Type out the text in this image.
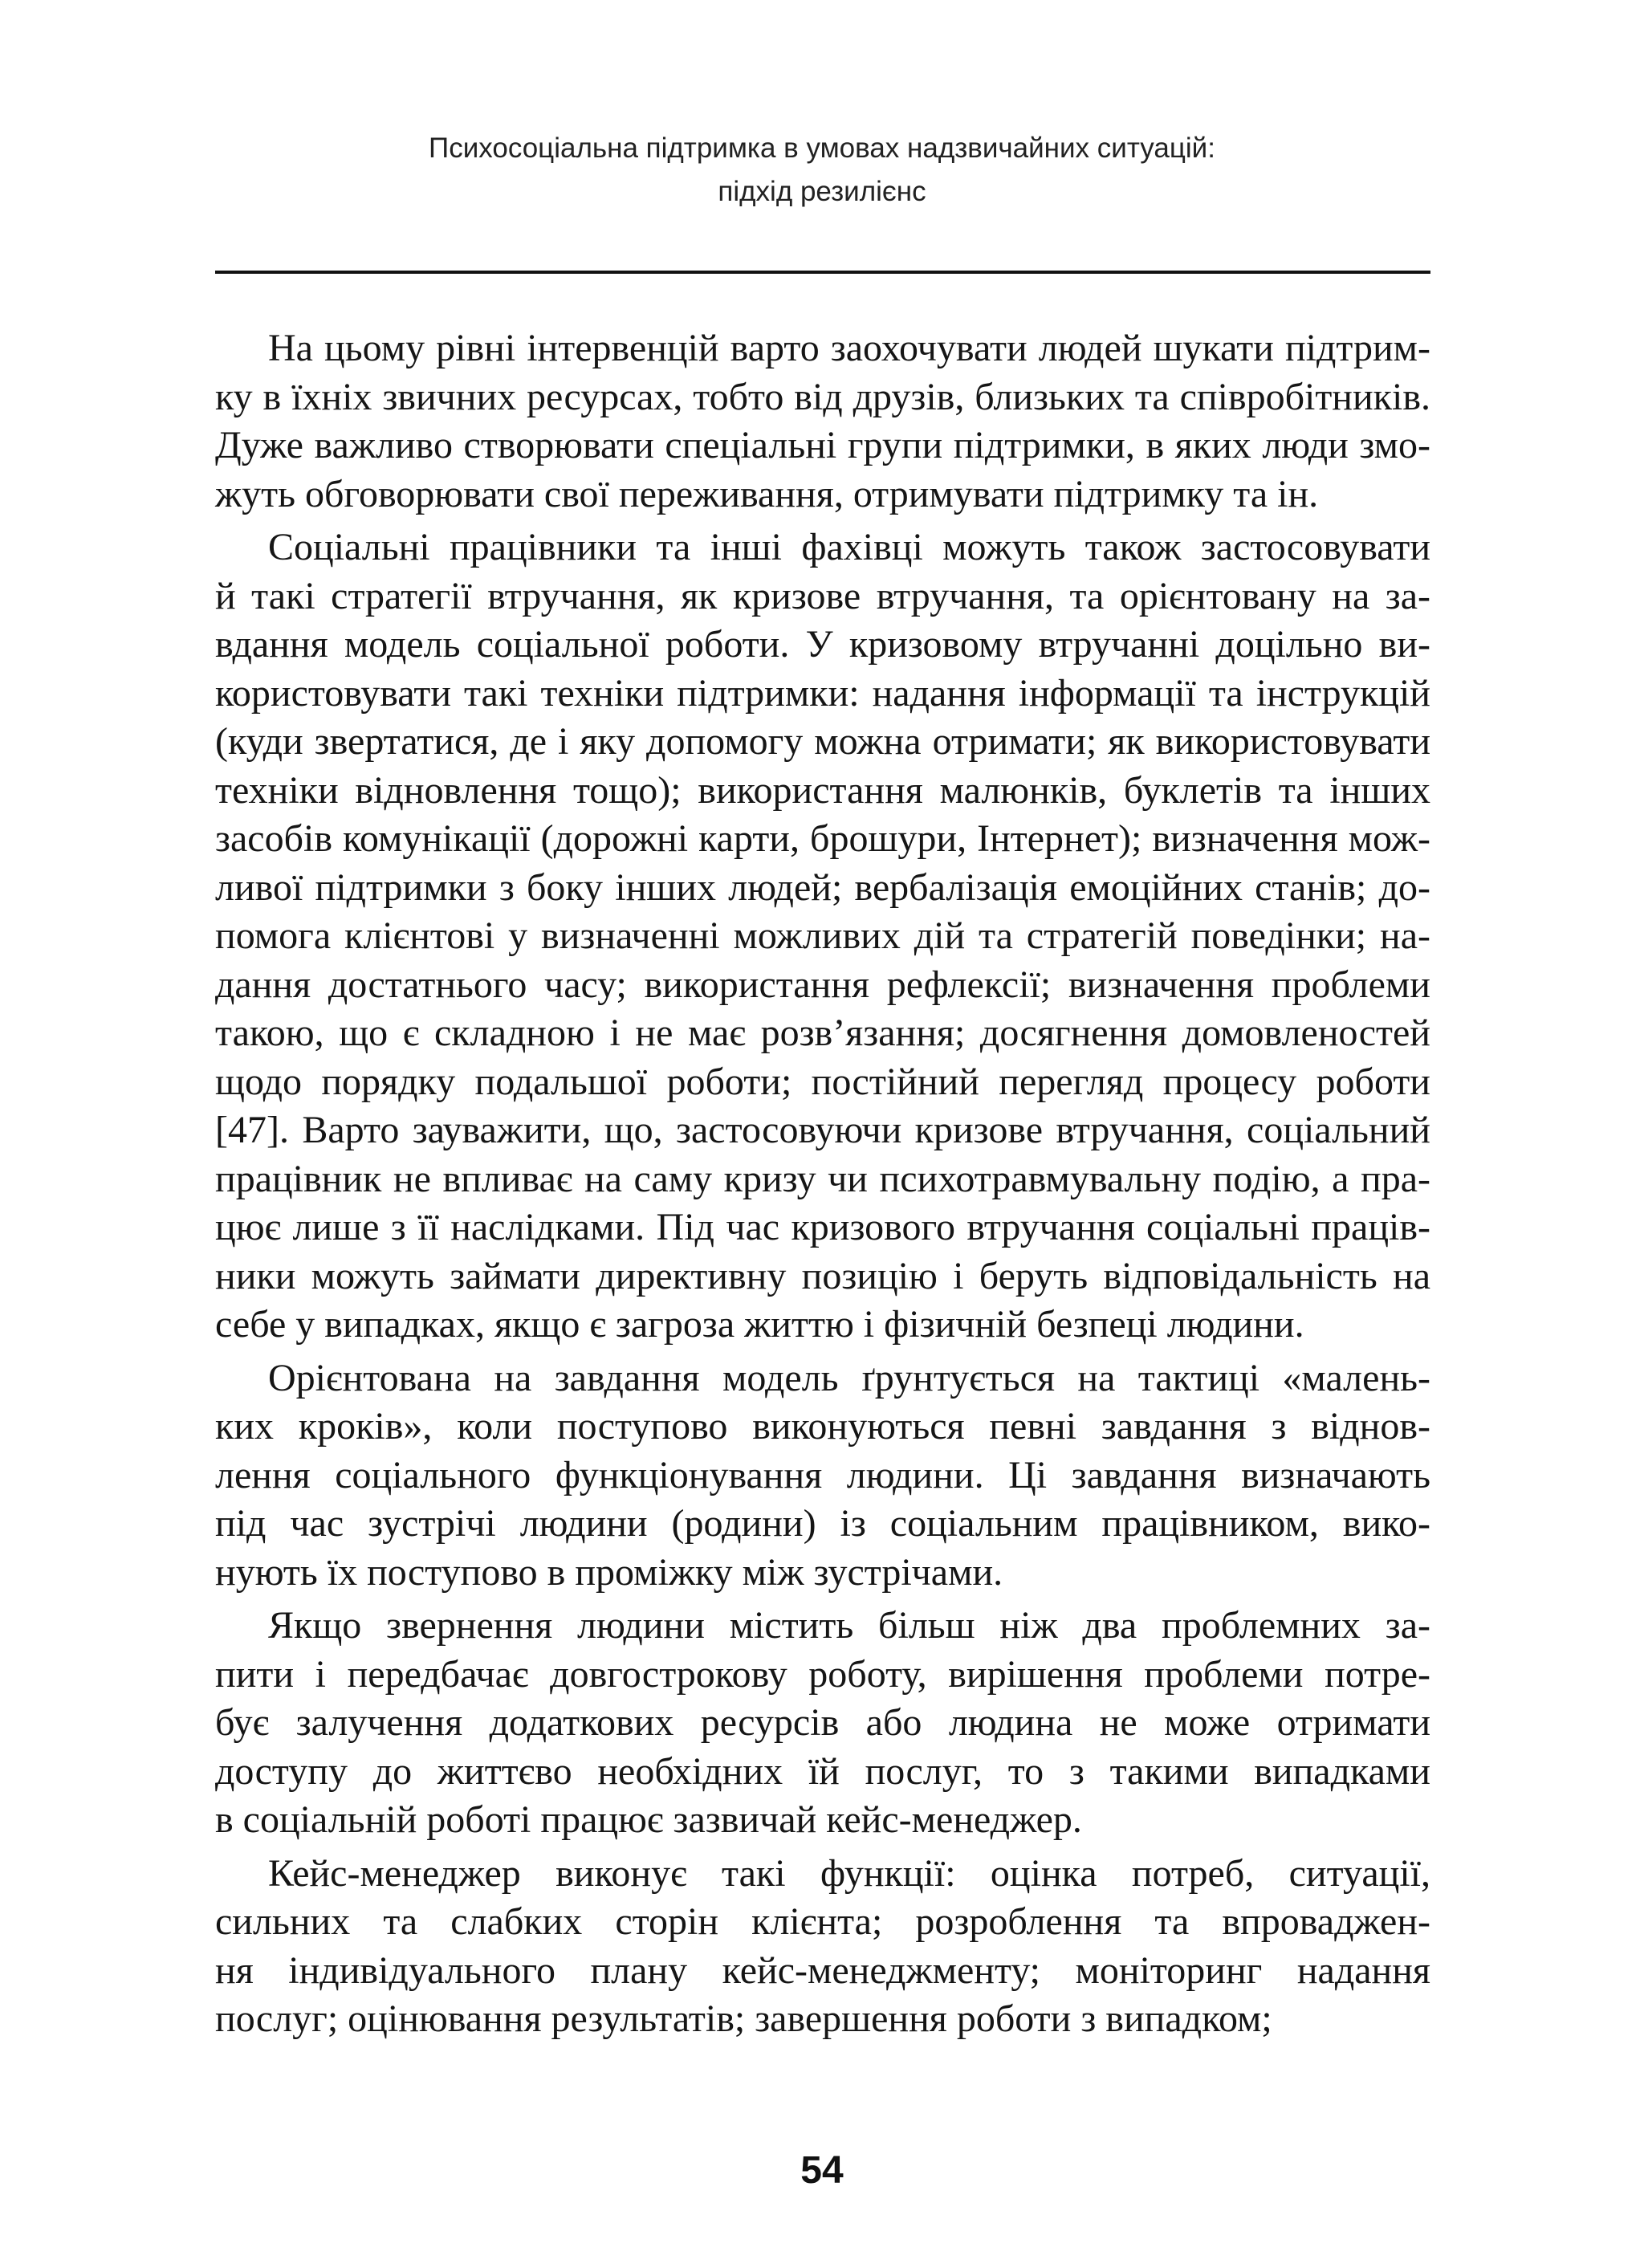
Психосоціальна підтримка в умовах надзвичайних ситуацій:
підхід резилієнс
На цьому рівні інтервенцій варто заохочувати людей шукати підтрим-
ку в їхніх звичних ресурсах, тобто від друзів, близьких та співробітників.
Дуже важливо створювати спеціальні групи підтримки, в яких люди змо-
жуть обговорювати свої переживання, отримувати підтримку та ін.
Соціальні працівники та інші фахівці можуть також застосовувати
й такі стратегії втручання, як кризове втручання, та орієнтовану на за-
вдання модель соціальної роботи. У кризовому втручанні доцільно ви-
користовувати такі техніки підтримки: надання інформації та інструкцій
(куди звертатися, де і яку допомогу можна отримати; як використовувати
техніки відновлення тощо); використання малюнків, буклетів та інших
засобів комунікації (дорожні карти, брошури, Інтернет); визначення мож-
ливої підтримки з боку інших людей; вербалізація емоційних станів; до-
помога клієнтові у визначенні можливих дій та стратегій поведінки; на-
дання достатнього часу; використання рефлексії; визначення проблеми
такою, що є складною і не має розв’язання; досягнення домовленостей
щодо порядку подальшої роботи; постійний перегляд процесу роботи
[47]. Варто зауважити, що, застосовуючи кризове втручання, соціальний
працівник не впливає на саму кризу чи психотравмувальну подію, а пра-
цює лише з її наслідками. Під час кризового втручання соціальні праців-
ники можуть займати директивну позицію і беруть відповідальність на
себе у випадках, якщо є загроза життю і фізичній безпеці людини.
Орієнтована на завдання модель ґрунтується на тактиці «малень-
ких кроків», коли поступово виконуються певні завдання з віднов-
лення соціального функціонування людини. Ці завдання визначають
під час зустрічі людини (родини) із соціальним працівником, вико-
нують їх поступово в проміжку між зустрічами.
Якщо звернення людини містить більш ніж два проблемних за-
пити і передбачає довгострокову роботу, вирішення проблеми потре-
бує залучення додаткових ресурсів або людина не може отримати
доступу до життєво необхідних їй послуг, то з такими випадками
в соціальній роботі працює зазвичай кейс-менеджер.
Кейс-менеджер виконує такі функції: оцінка потреб, ситуації,
сильних та слабких сторін клієнта; розроблення та впроваджен-
ня індивідуального плану кейс-менеджменту; моніторинг надання
послуг; оцінювання результатів; завершення роботи з випадком;
54
